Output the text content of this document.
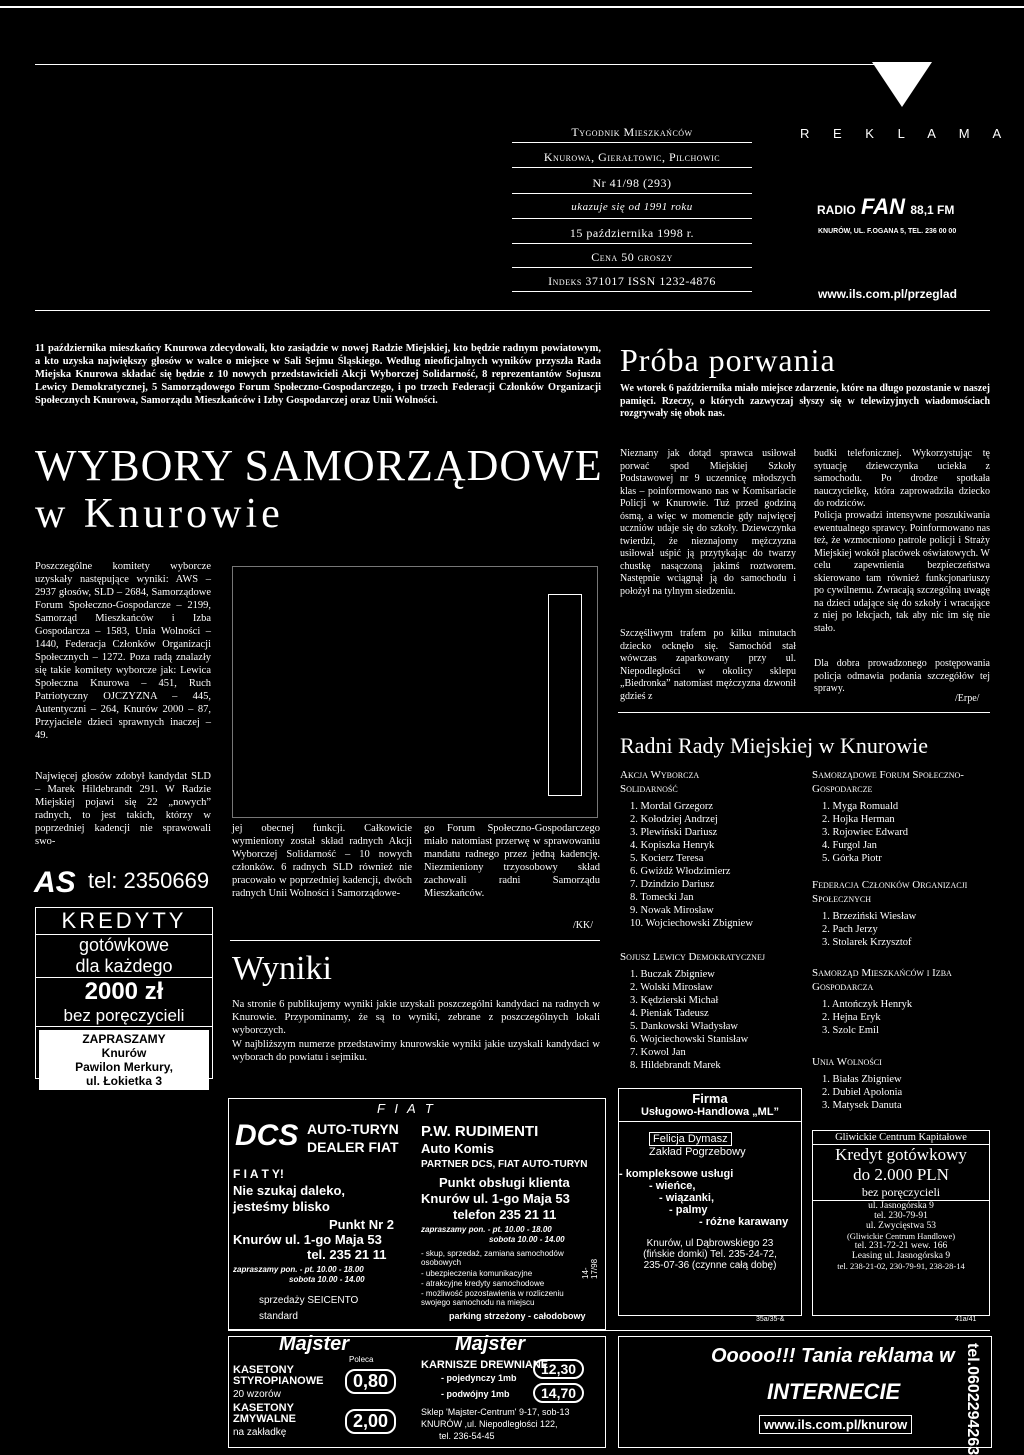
Tygodnik Mieszkańców
Knurowa, Gierałtowic, Pilchowic
Nr 41/98 (293)
ukazuje się od 1991 roku
15 października 1998 r.
Cena 50 groszy
Indeks 371017 ISSN 1232-4876
R E K L A M A
RADIO FAN 88,1 FM
KNURÓW, UL. F.OGANA 5, TEL. 236 00 00
www.ils.com.pl/przeglad
11 października mieszkańcy Knurowa zdecydowali, kto zasiądzie w nowej Radzie Miejskiej, kto będzie radnym powiatowym, a kto uzyska największy głosów w walce o miejsce w Sali Sejmu Śląskiego. Według nieoficjalnych wyników przyszła Rada Miejska Knurowa składać się będzie z 10 nowych przedstawicieli Akcji Wyborczej Solidarność, 8 reprezentantów Sojuszu Lewicy Demokratycznej, 5 Samorządowego Forum Społeczno-Gospodarczego, i po trzech Federacji Członków Organizacji Społecznych Knurowa, Samorządu Mieszkańców i Izby Gospodarczej oraz Unii Wolności.
WYBORY SAMORZĄDOWE
w Knurowie
Poszczególne komitety wyborcze uzyskały następujące wyniki: AWS – 2937 głosów, SLD – 2684, Samorządowe Forum Społeczno-Gospodarcze – 2199, Samorząd Mieszkańców i Izba Gospodarcza – 1583, Unia Wolności – 1440, Federacja Członków Organizacji Społecznych – 1272. Poza radą znalazły się takie komitety wyborcze jak: Lewica Społeczna Knurowa – 451, Ruch Patriotyczny OJCZYZNA – 445, Autentyczni – 264, Knurów 2000 – 87, Przyjaciele dzieci sprawnych inaczej – 49.
Najwięcej głosów zdobył kandydat SLD – Marek Hildebrandt 291. W Radzie Miejskiej pojawi się 22 „nowych” radnych, to jest takich, którzy w poprzedniej kadencji nie sprawowali swo-
jej obecnej funkcji. Całkowicie wymieniony został skład radnych Akcji Wyborczej Solidarność – 10 nowych członków. 6 radnych SLD również nie pracowało w poprzedniej kadencji, dwóch radnych Unii Wolności i Samorządowe-
go Forum Społeczno-Gospodarczego miało natomiast przerwę w sprawowaniu mandatu radnego przez jedną kadencję. Niezmieniony trzyosobowy skład zachowali radni Samorządu Mieszkańców.
/KK/
AS tel: 2350669
KREDYTY
gotówkowe
dla każdego
2000 zł
bez poręczycieli
ZAPRASZAMY
Knurów
Pawilon Merkury,
ul. Łokietka 3
Wyniki
Na stronie 6 publikujemy wyniki jakie uzyskali poszczególni kandydaci na radnych w Knurowie. Przypominamy, że są to wyniki, zebrane z poszczególnych lokali wyborczych.
W najbliższym numerze przedstawimy knurowskie wyniki jakie uzyskali kandydaci w wyborach do powiatu i sejmiku.
Próba porwania
We wtorek 6 października miało miejsce zdarzenie, które na długo pozostanie w naszej pamięci. Rzeczy, o których zazwyczaj słyszy się w telewizyjnych wiadomościach rozgrywały się obok nas.
Nieznany jak dotąd sprawca usiłował porwać spod Miejskiej Szkoły Podstawowej nr 9 uczennicę młodszych klas – poinformowano nas w Komisariacie Policji w Knurowie. Tuż przed godziną ósmą, a więc w momencie gdy najwięcej uczniów udaje się do szkoły. Dziewczynka twierdzi, że nieznajomy mężczyzna usiłował uśpić ją przytykając do twarzy chustkę nasączoną jakimś roztworem. Następnie wciągnął ją do samochodu i położył na tylnym siedzeniu.
Szczęśliwym trafem po kilku minutach dziecko ocknęło się. Samochód stał wówczas zaparkowany przy ul. Niepodległości w okolicy sklepu „Biedronka” natomiast mężczyzna dzwonił gdzieś z
budki telefonicznej. Wykorzystując tę sytuację dziewczynka uciekła z samochodu. Po drodze spotkała nauczycielkę, która zaprowadziła dziecko do rodziców.
Policja prowadzi intensywne poszukiwania ewentualnego sprawcy. Poinformowano nas też, że wzmocniono patrole policji i Straży Miejskiej wokół placówek oświatowych. W celu zapewnienia bezpieczeństwa skierowano tam również funkcjonariuszy po cywilnemu. Zwracają szczególną uwagę na dzieci udające się do szkoły i wracające z niej po lekcjach, tak aby nic im się nie stało.
Dla dobra prowadzonego postępowania policja odmawia podania szczegółów tej sprawy.
/Erpe/
Radni Rady Miejskiej w Knurowie
Akcja Wyborcza Solidarność
1. Mordal Grzegorz
2. Kołodziej Andrzej
3. Plewiński Dariusz
4. Kopiszka Henryk
5. Kocierz Teresa
6. Gwiżdż Włodzimierz
7. Dzindzio Dariusz
8. Tomecki Jan
9. Nowak Mirosław
10. Wojciechowski Zbigniew
Sojusz Lewicy Demokratycznej
1. Buczak Zbigniew
2. Wolski Mirosław
3. Kędzierski Michał
4. Pieniak Tadeusz
5. Dankowski Władysław
6. Wojciechowski Stanisław
7. Kowol Jan
8. Hildebrandt Marek
Samorządowe Forum Społeczno-Gospodarcze
1. Myga Romuald
2. Hojka Herman
3. Rojowiec Edward
4. Furgol Jan
5. Górka Piotr
Federacja Członków Organizacji Społecznych
1. Brzeziński Wiesław
2. Pach Jerzy
3. Stolarek Krzysztof
Samorząd Mieszkańców i Izba Gospodarcza
1. Antończyk Henryk
2. Hejna Eryk
3. Szolc Emil
Unia Wolności
1. Białas Zbigniew
2. Dubiel Apolonia
3. Matysek Danuta
F I A T
DCS AUTO-TURYN
DEALER FIAT
F I A T Y!
Nie szukaj daleko,
jesteśmy blisko
Punkt Nr 2
Knurów ul. 1-go Maja 53
tel. 235 21 11
zapraszamy pon. - pt. 10.00 - 18.00
sobota 10.00 - 14.00
sprzedaży SEICENTO
standard
P.W. RUDIMENTI
Auto Komis
PARTNER DCS, FIAT AUTO-TURYN
Punkt obsługi klienta
Knurów ul. 1-go Maja 53
telefon 235 21 11
zapraszamy pon. - pt. 10.00 - 18.00
sobota 10.00 - 14.00
- skup, sprzedaż, zamiana samochodów osobowych
- ubezpieczenia komunikacyjne
- atrakcyjne kredyty samochodowe
- możliwość pozostawienia w rozliczeniu swojego samochodu na miejscu
parking strzeżony - całodobowy
14-17/98
Firma
Usługowo-Handlowa „ML”
Felicja Dymasz
Zakład Pogrzebowy
- kompleksowe usługi
- wieńce,
- wiązanki,
- palmy
- różne karawany
Knurów, ul Dąbrowskiego 23
(fińskie domki) Tel. 235-24-72,
235-07-36 (czynne całą dobę)
35a/35-&
Gliwickie Centrum Kapitałowe
Kredyt gotówkowy
do 2.000 PLN
bez poręczycieli
ul. Jasnogórska 9
tel. 230-79-91
ul. Zwycięstwa 53
(Gliwickie Centrum Handlowe)
tel. 231-72-21 wew. 166
Leasing ul. Jasnogórska 9
tel. 238-21-02, 230-79-91, 238-28-14
41a/41
Majster
Poleca
KASETONY STYROPIANOWE
20 wzorów
0,80
KASETONY ZMYWALNE
na zakładkę
2,00
Majster
KARNISZE DREWNIANE
- pojedynczy 1mb
12,30
- podwójny 1mb	14,70
Sklep 'Majster-Centrum' 9-17, sob-13
KNURÓW ,ul. Niepodległości 122,
tel. 236-54-45
Ooooo!!! Tania reklama w
INTERNECIE
www.ils.com.pl/knurow	tel.0602294263
